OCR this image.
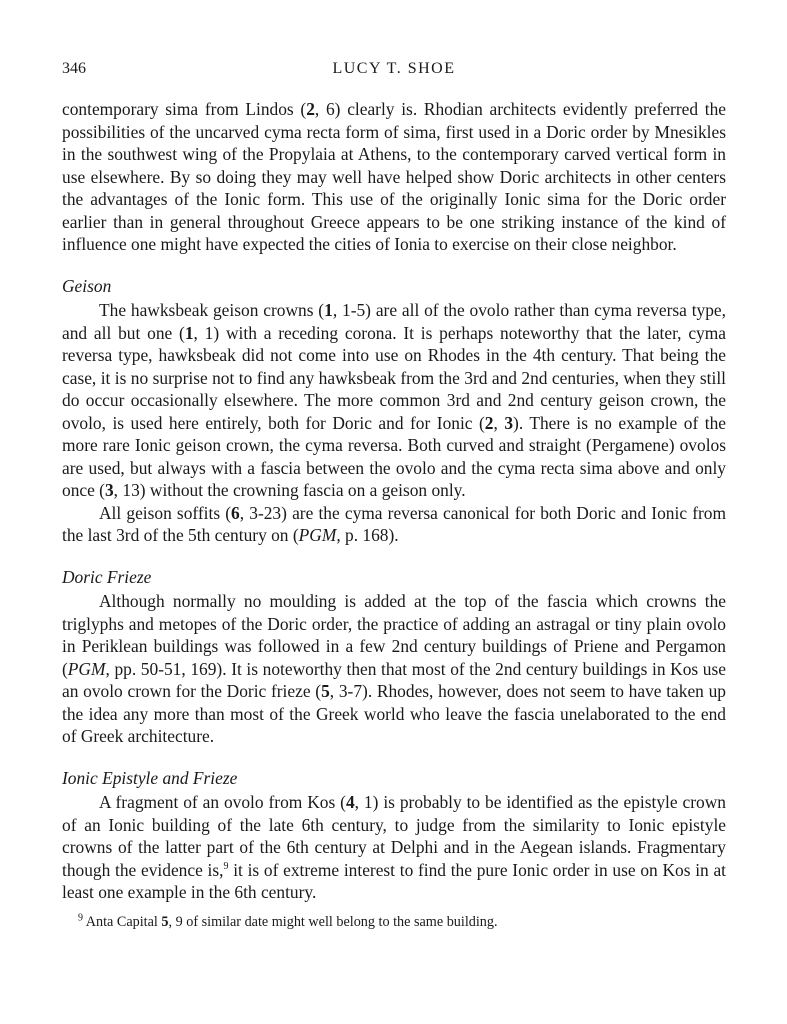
346	LUCY T. SHOE

contemporary sima from Lindos (2, 6) clearly is. Rhodian architects evidently preferred the possibilities of the uncarved cyma recta form of sima, first used in a Doric order by Mnesikles in the southwest wing of the Propylaia at Athens, to the contemporary carved vertical form in use elsewhere. By so doing they may well have helped show Doric architects in other centers the advantages of the Ionic form. This use of the originally Ionic sima for the Doric order earlier than in general throughout Greece appears to be one striking instance of the kind of influence one might have expected the cities of Ionia to exercise on their close neighbor.

Geison

The hawksbeak geison crowns (1, 1-5) are all of the ovolo rather than cyma reversa type, and all but one (1, 1) with a receding corona. It is perhaps noteworthy that the later, cyma reversa type, hawksbeak did not come into use on Rhodes in the 4th century. That being the case, it is no surprise not to find any hawksbeak from the 3rd and 2nd centuries, when they still do occur occasionally elsewhere. The more common 3rd and 2nd century geison crown, the ovolo, is used here entirely, both for Doric and for Ionic (2, 3). There is no example of the more rare Ionic geison crown, the cyma reversa. Both curved and straight (Pergamene) ovolos are used, but always with a fascia between the ovolo and the cyma recta sima above and only once (3, 13) without the crowning fascia on a geison only.

All geison soffits (6, 3-23) are the cyma reversa canonical for both Doric and Ionic from the last 3rd of the 5th century on (PGM, p. 168).

Doric Frieze

Although normally no moulding is added at the top of the fascia which crowns the triglyphs and metopes of the Doric order, the practice of adding an astragal or tiny plain ovolo in Periklean buildings was followed in a few 2nd century buildings of Priene and Pergamon (PGM, pp. 50-51, 169). It is noteworthy then that most of the 2nd century buildings in Kos use an ovolo crown for the Doric frieze (5, 3-7). Rhodes, however, does not seem to have taken up the idea any more than most of the Greek world who leave the fascia unelaborated to the end of Greek architecture.

Ionic Epistyle and Frieze

A fragment of an ovolo from Kos (4, 1) is probably to be identified as the epistyle crown of an Ionic building of the late 6th century, to judge from the similarity to Ionic epistyle crowns of the latter part of the 6th century at Delphi and in the Aegean islands. Fragmentary though the evidence is,$^9$ it is of extreme interest to find the pure Ionic order in use on Kos in at least one example in the 6th century.

$^9$ Anta Capital 5, 9 of similar date might well belong to the same building.
